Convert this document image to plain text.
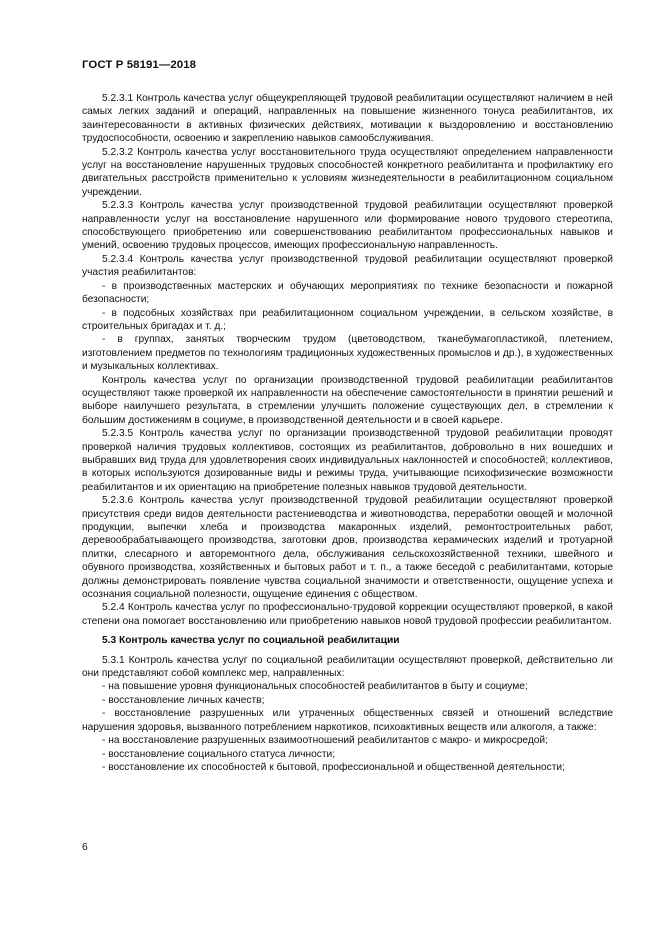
ГОСТ Р 58191—2018

5.2.3.1 Контроль качества услуг общеукрепляющей трудовой реабилитации осуществляют наличием в ней самых легких заданий и операций, направленных на повышение жизненного тонуса реабилитантов, их заинтересованности в активных физических действиях, мотивации к выздоровлению и восстановлению трудоспособности, освоению и закреплению навыков самообслуживания.

5.2.3.2 Контроль качества услуг восстановительного труда осуществляют определением направленности услуг на восстановление нарушенных трудовых способностей конкретного реабилитанта и профилактику его двигательных расстройств применительно к условиям жизнедеятельности в реабилитационном социальном учреждении.

5.2.3.3 Контроль качества услуг производственной трудовой реабилитации осуществляют проверкой направленности услуг на восстановление нарушенного или формирование нового трудового стереотипа, способствующего приобретению или совершенствованию реабилитантом профессиональных навыков и умений, освоению трудовых процессов, имеющих профессиональную направленность.

5.2.3.4 Контроль качества услуг производственной трудовой реабилитации осуществляют проверкой участия реабилитантов:

- в производственных мастерских и обучающих мероприятиях по технике безопасности и пожарной безопасности;

- в подсобных хозяйствах при реабилитационном социальном учреждении, в сельском хозяйстве, в строительных бригадах и т. д.;

- в группах, занятых творческим трудом (цветоводством, тканебумагопластикой, плетением, изготовлением предметов по технологиям традиционных художественных промыслов и др.), в художественных и музыкальных коллективах.

Контроль качества услуг по организации производственной трудовой реабилитации реабилитантов осуществляют также проверкой их направленности на обеспечение самостоятельности в принятии решений и выборе наилучшего результата, в стремлении улучшить положение существующих дел, в стремлении к большим достижениям в социуме, в производственной деятельности и в своей карьере.

5.2.3.5 Контроль качества услуг по организации производственной трудовой реабилитации проводят проверкой наличия трудовых коллективов, состоящих из реабилитантов, добровольно в них вошедших и выбравших вид труда для удовлетворения своих индивидуальных наклонностей и способностей; коллективов, в которых используются дозированные виды и режимы труда, учитывающие психофизические возможности реабилитантов и их ориентацию на приобретение полезных навыков трудовой деятельности.

5.2.3.6 Контроль качества услуг производственной трудовой реабилитации осуществляют проверкой присутствия среди видов деятельности растениеводства и животноводства, переработки овощей и молочной продукции, выпечки хлеба и производства макаронных изделий, ремонтостроительных работ, деревообрабатывающего производства, заготовки дров, производства керамических изделий и тротуарной плитки, слесарного и авторемонтного дела, обслуживания сельскохозяйственной техники, швейного и обувного производства, хозяйственных и бытовых работ и т. п., а также беседой с реабилитантами, которые должны демонстрировать появление чувства социальной значимости и ответственности, ощущение успеха и осознания социальной полезности, ощущение единения с обществом.

5.2.4 Контроль качества услуг по профессионально-трудовой коррекции осуществляют проверкой, в какой степени она помогает восстановлению или приобретению навыков новой трудовой профессии реабилитантом.

5.3 Контроль качества услуг по социальной реабилитации

5.3.1 Контроль качества услуг по социальной реабилитации осуществляют проверкой, действительно ли они представляют собой комплекс мер, направленных:

- на повышение уровня функциональных способностей реабилитантов в быту и социуме;

- восстановление личных качеств;

- восстановление разрушенных или утраченных общественных связей и отношений вследствие нарушения здоровья, вызванного потреблением наркотиков, психоактивных веществ или алкоголя, а также:

- на восстановление разрушенных взаимоотношений реабилитантов с макро- и микросредой;

- восстановление социального статуса личности;

- восстановление их способностей к бытовой, профессиональной и общественной деятельности;

6
